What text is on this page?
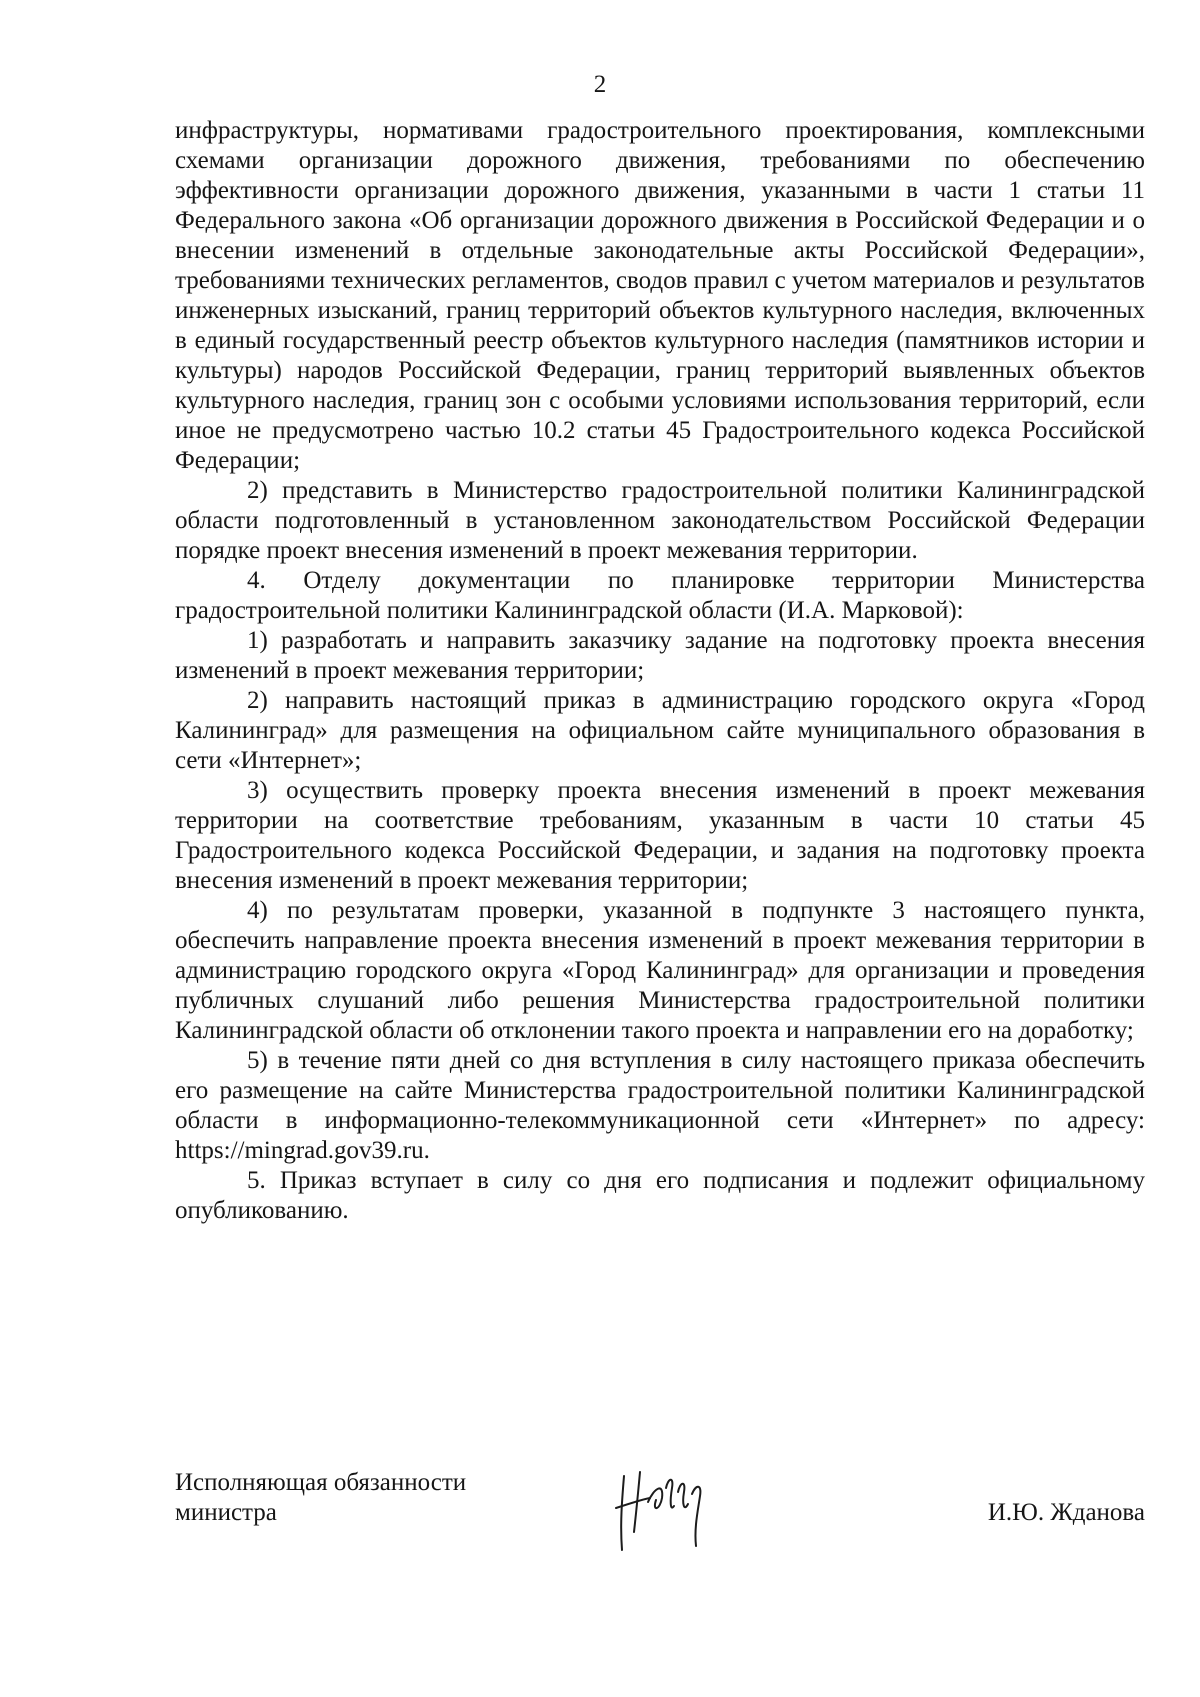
2

инфраструктуры, нормативами градостроительного проектирования, комплексными схемами организации дорожного движения, требованиями по обеспечению эффективности организации дорожного движения, указанными в части 1 статьи 11 Федерального закона «Об организации дорожного движения в Российской Федерации и о внесении изменений в отдельные законодательные акты Российской Федерации», требованиями технических регламентов, сводов правил с учетом материалов и результатов инженерных изысканий, границ территорий объектов культурного наследия, включенных в единый государственный реестр объектов культурного наследия (памятников истории и культуры) народов Российской Федерации, границ территорий выявленных объектов культурного наследия, границ зон с особыми условиями использования территорий, если иное не предусмотрено частью 10.2 статьи 45 Градостроительного кодекса Российской Федерации;

2) представить в Министерство градостроительной политики Калининградской области подготовленный в установленном законодательством Российской Федерации порядке проект внесения изменений в проект межевания территории.

4. Отделу документации по планировке территории Министерства градостроительной политики Калининградской области (И.А. Марковой):

1) разработать и направить заказчику задание на подготовку проекта внесения изменений в проект межевания территории;

2) направить настоящий приказ в администрацию городского округа «Город Калининград» для размещения на официальном сайте муниципального образования в сети «Интернет»;

3) осуществить проверку проекта внесения изменений в проект межевания территории на соответствие требованиям, указанным в части 10 статьи 45 Градостроительного кодекса Российской Федерации, и задания на подготовку проекта внесения изменений в проект межевания территории;

4) по результатам проверки, указанной в подпункте 3 настоящего пункта, обеспечить направление проекта внесения изменений в проект межевания территории в администрацию городского округа «Город Калининград» для организации и проведения публичных слушаний либо решения Министерства градостроительной политики Калининградской области об отклонении такого проекта и направлении его на доработку;

5) в течение пяти дней со дня вступления в силу настоящего приказа обеспечить его размещение на сайте Министерства градостроительной политики Калининградской области в информационно-телекоммуникационной сети «Интернет» по адресу: https://mingrad.gov39.ru.

5. Приказ вступает в силу со дня его подписания и подлежит официальному опубликованию.

Исполняющая обязанности
министра	И.Ю. Жданова
